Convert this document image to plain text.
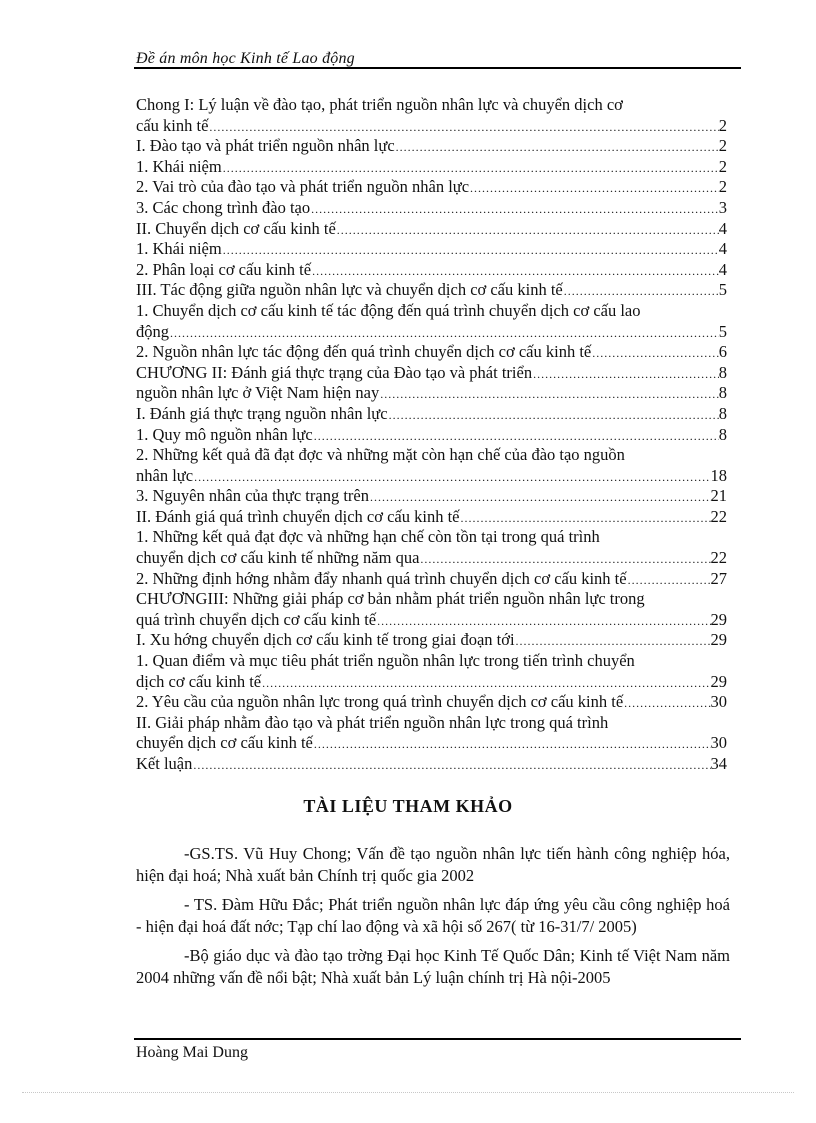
Đề án môn học Kinh tế Lao động
Chong I: Lý luận về đào tạo, phát triển nguồn nhân lực và chuyển dịch cơ
cấu kinh tế .....	2
I. Đào tạo và phát triển nguồn nhân lực .....	2
1. Khái niệm .....	2
2. Vai trò của đào tạo và phát triển nguồn nhân lực .....	2
3. Các chong trình đào tạo .....	3
II. Chuyển dịch cơ cấu kinh tế .....	4
1. Khái niệm .....	4
2. Phân loại cơ cấu kinh tế .....	4
III. Tác động giữa nguồn nhân lực và chuyển dịch cơ cấu kinh tế .....	5
1. Chuyển dịch cơ cấu kinh tế tác động đến quá trình chuyển dịch cơ cấu lao
động .....	5
2. Nguồn nhân lực tác động đến quá trình chuyển dịch cơ cấu kinh tế .....	6
CHƯƠNG II: Đánh giá thực trạng của Đào tạo và phát triển .....	8
nguồn nhân lực ở Việt Nam hiện nay .....	8
I. Đánh giá thực trạng nguồn nhân lực .....	8
1. Quy mô nguồn nhân lực .....	8
2. Những kết quả đã đạt đợc và những mặt còn hạn chế của đào tạo nguồn
nhân lực .....	18
3. Nguyên nhân của thực trạng trên .....	21
II. Đánh giá quá trình chuyển dịch cơ cấu kinh tế .....	22
1. Những kết quả đạt đợc và những hạn chế còn tồn tại trong quá trình
chuyển dịch cơ cấu kinh tế những năm qua .....	22
2. Những định hớng nhằm đẩy nhanh quá trình chuyển dịch cơ cấu kinh tế .....	27
CHƯƠNGIII: Những giải pháp cơ bản nhằm phát triển nguồn nhân lực trong
quá trình chuyển dịch cơ cấu kinh tế .....	29
I. Xu hớng chuyển dịch cơ cấu kinh tế trong giai đoạn tới .....	29
1. Quan điểm và mục tiêu phát triển nguồn nhân lực trong tiến trình chuyển
dịch cơ cấu kinh tế .....	29
2. Yêu cầu của nguồn nhân lực trong quá trình chuyển dịch cơ cấu kinh tế .....	30
II. Giải pháp nhằm đào tạo và phát triển nguồn nhân lực trong quá trình
chuyển dịch cơ cấu kinh tế .....	30
Kết luận .....	34
TÀI LIỆU THAM KHẢO
-GS.TS. Vũ Huy Chong; Vấn đề tạo nguồn nhân lực tiến hành công nghiệp hóa, hiện đại hoá; Nhà xuất bản Chính trị quốc gia 2002
- TS. Đàm Hữu Đắc; Phát triển nguồn nhân lực đáp ứng yêu cầu công nghiệp hoá - hiện đại hoá đất nớc; Tạp chí lao động và xã hội số 267( từ 16-31/7/ 2005)
-Bộ giáo dục và đào tạo trờng Đại học Kinh Tế Quốc Dân; Kinh tế Việt Nam năm 2004 những vấn đề nổi bật; Nhà xuất bản Lý luận chính trị Hà nội-2005
Hoàng Mai Dung
